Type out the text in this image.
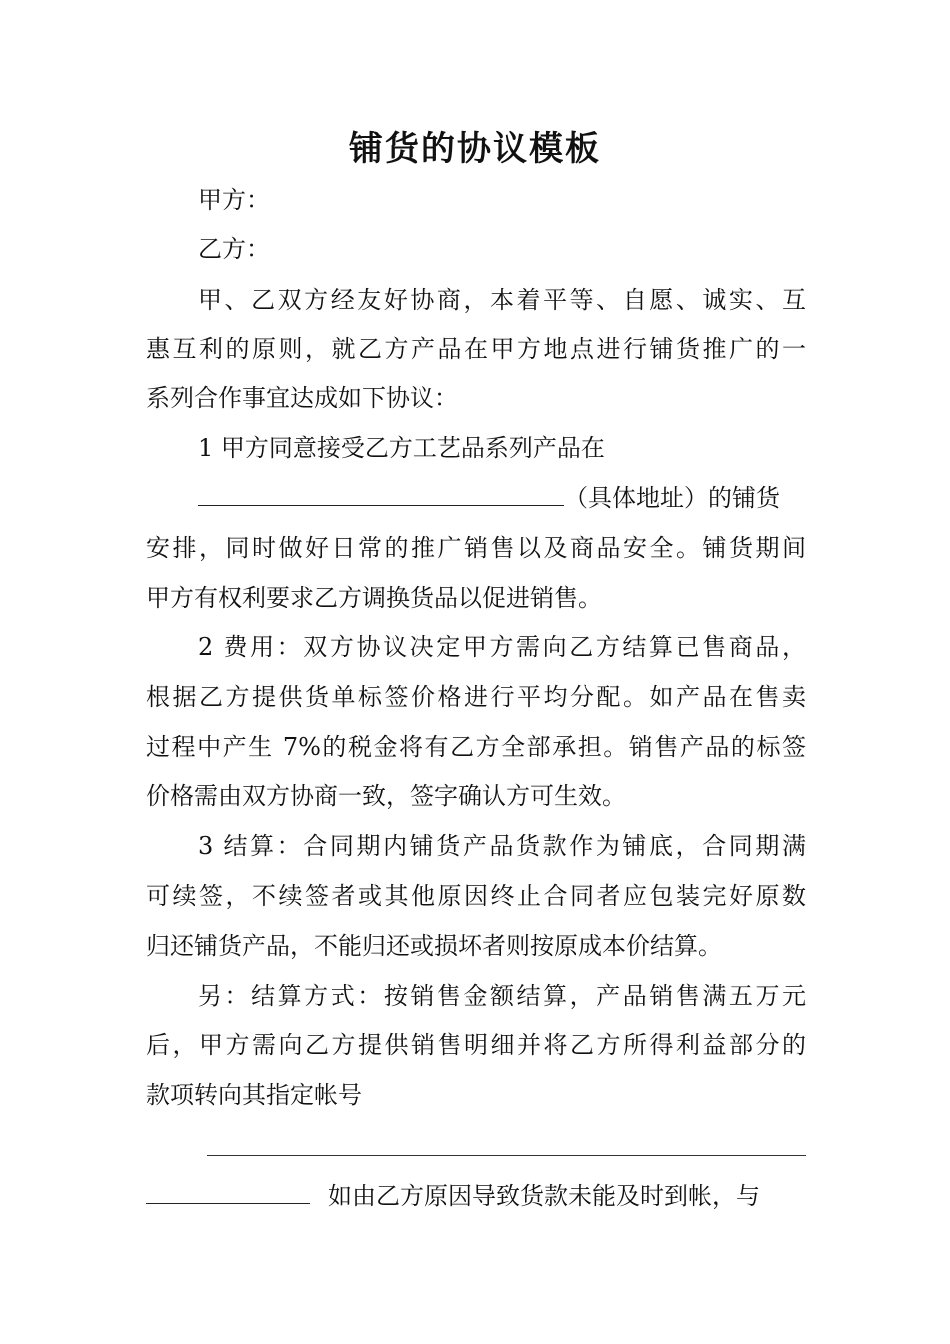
铺货的协议模板
甲方：
乙方：
甲、乙双方经友好协商，本着平等、自愿、诚实、互
惠互利的原则，就乙方产品在甲方地点进行铺货推广的一
系列合作事宜达成如下协议：
1 甲方同意接受乙方工艺品系列产品在
（具体地址）的铺货
安排，同时做好日常的推广销售以及商品安全。铺货期间
甲方有权利要求乙方调换货品以促进销售。
2 费用：双方协议决定甲方需向乙方结算已售商品，
根据乙方提供货单标签价格进行平均分配。如产品在售卖
过程中产生 7%的税金将有乙方全部承担。销售产品的标签
价格需由双方协商一致，签字确认方可生效。
3 结算：合同期内铺货产品货款作为铺底，合同期满
可续签，不续签者或其他原因终止合同者应包装完好原数
归还铺货产品，不能归还或损坏者则按原成本价结算。
另：结算方式：按销售金额结算，产品销售满五万元
后，甲方需向乙方提供销售明细并将乙方所得利益部分的
款项转向其指定帐号
如由乙方原因导致货款未能及时到帐，与
